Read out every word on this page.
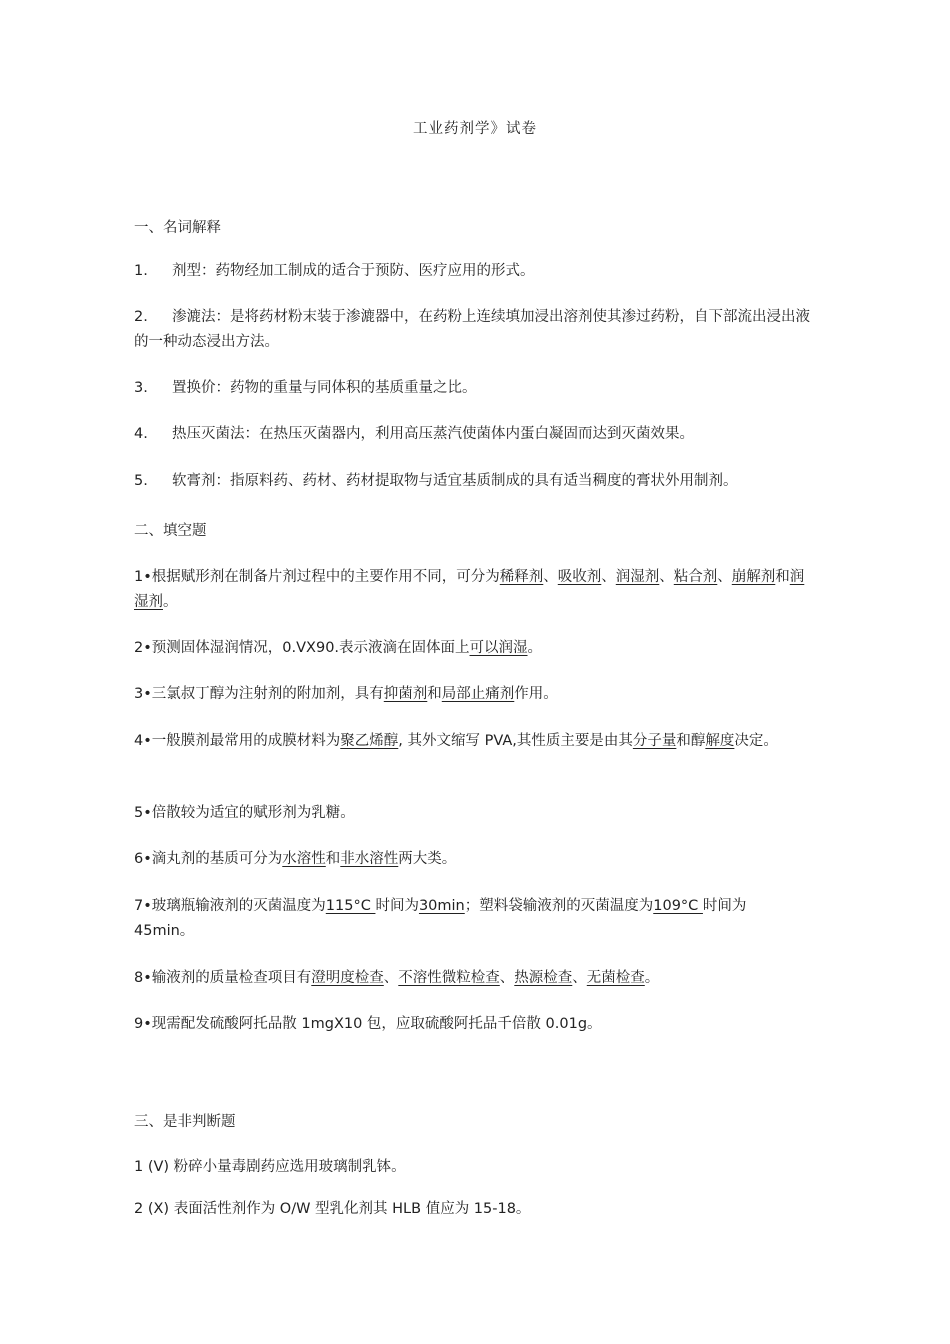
工业药剂学》试卷
一、名词解释
1. 剂型：药物经加工制成的适合于预防、医疗应用的形式。
2. 渗漉法：是将药材粉末装于渗漉器中，在药粉上连续填加浸出溶剂使其渗过药粉，自下部流出浸出液的一种动态浸出方法。
3. 置换价：药物的重量与同体积的基质重量之比。
4. 热压灭菌法：在热压灭菌器内，利用高压蒸汽使菌体内蛋白凝固而达到灭菌效果。
5. 软膏剂：指原料药、药材、药材提取物与适宜基质制成的具有适当稠度的膏状外用制剂。
二、填空题
1•根据赋形剂在制备片剂过程中的主要作用不同，可分为稀释剂、吸收剂、润湿剂、粘合剂、崩解剂和润湿剂。
2•预测固体湿润情况，0.VX90.表示液滴在固体面上可以润湿。
3•三氯叔丁醇为注射剂的附加剂，具有抑菌剂和局部止痛剂作用。
4•一般膜剂最常用的成膜材料为聚乙烯醇, 其外文缩写 PVA,其性质主要是由其分子量和醇解度决定。
5•倍散较为适宜的赋形剂为乳糖。
6•滴丸剂的基质可分为水溶性和非水溶性两大类。
7•玻璃瓶输液剂的灭菌温度为115°C 时间为30min；塑料袋输液剂的灭菌温度为109°C 时间为 45min。
8•输液剂的质量检查项目有澄明度检查、不溶性微粒检查、热源检查、无菌检查。
9•现需配发硫酸阿托品散 1mgX10 包，应取硫酸阿托品千倍散 0.01g。
三、是非判断题
1 (V) 粉碎小量毒剧药应选用玻璃制乳钵。
2 (X) 表面活性剂作为 O/W 型乳化剂其 HLB 值应为 15-18。
